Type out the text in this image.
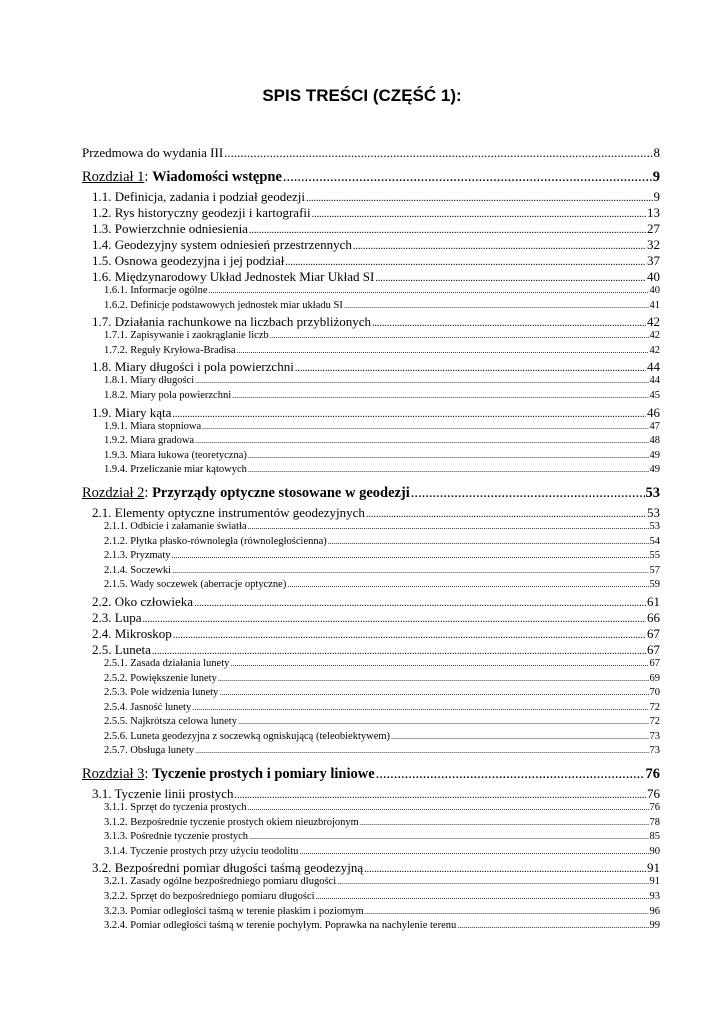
SPIS TREŚCI (CZĘŚĆ 1):
Przedmowa do wydania III .....	8
Rozdział 1: Wiadomości wstępne .....	9
1.1. Definicja, zadania i podział geodezji .....	9
1.2. Rys historyczny geodezji i kartografii .....	13
1.3. Powierzchnie odniesienia .....	27
1.4. Geodezyjny system odniesień przestrzennych .....	32
1.5. Osnowa geodezyjna i jej podział .....	37
1.6. Międzynarodowy Układ Jednostek Miar Układ SI .....	40
1.6.1. Informacje ogólne .....	40
1.6.2. Definicje podstawowych jednostek miar układu SI .....	41
1.7. Działania rachunkowe na liczbach przybliżonych .....	42
1.7.1. Zapisywanie i zaokrąglanie liczb .....	42
1.7.2. Reguły Kryłowa-Bradisa .....	42
1.8. Miary długości i pola powierzchni .....	44
1.8.1. Miary długości .....	44
1.8.2. Miary pola powierzchni .....	45
1.9. Miary kąta .....	46
1.9.1. Miara stopniowa .....	47
1.9.2. Miara gradowa .....	48
1.9.3. Miara łukowa (teoretyczna) .....	49
1.9.4. Przeliczanie miar kątowych .....	49
Rozdział 2: Przyrządy optyczne stosowane w geodezji .....	53
2.1. Elementy optyczne instrumentów geodezyjnych .....	53
2.1.1. Odbicie i załamanie światła .....	53
2.1.2. Płytka płasko-równoległa (równoległościenna) .....	54
2.1.3. Pryzmaty .....	55
2.1.4. Soczewki .....	57
2.1.5. Wady soczewek (aberracje optyczne) .....	59
2.2. Oko człowieka .....	61
2.3. Lupa .....	66
2.4. Mikroskop .....	67
2.5. Luneta .....	67
2.5.1. Zasada działania lunety .....	67
2.5.2. Powiększenie lunety .....	69
2.5.3. Pole widzenia lunety .....	70
2.5.4. Jasność lunety .....	72
2.5.5. Najkrótsza celowa lunety .....	72
2.5.6. Luneta geodezyjna z soczewką ogniskującą (teleobiektywem) .....	73
2.5.7. Obsługa lunety .....	73
Rozdział 3: Tyczenie prostych i pomiary liniowe .....	76
3.1. Tyczenie linii prostych .....	76
3.1.1. Sprzęt do tyczenia prostych .....	76
3.1.2. Bezpośrednie tyczenie prostych okiem nieuzbrojonym .....	78
3.1.3. Pośrednie tyczenie prostych .....	85
3.1.4. Tyczenie prostych przy użyciu teodolitu .....	90
3.2. Bezpośredni pomiar długości taśmą geodezyjną .....	91
3.2.1. Zasady ogólne bezpośredniego pomiaru długości .....	91
3.2.2. Sprzęt do bezpośredniego pomiaru długości .....	93
3.2.3. Pomiar odległości taśmą w terenie płaskim i poziomym .....	96
3.2.4. Pomiar odległości taśmą w terenie pochyłym. Poprawka na nachylenie terenu .....	99
